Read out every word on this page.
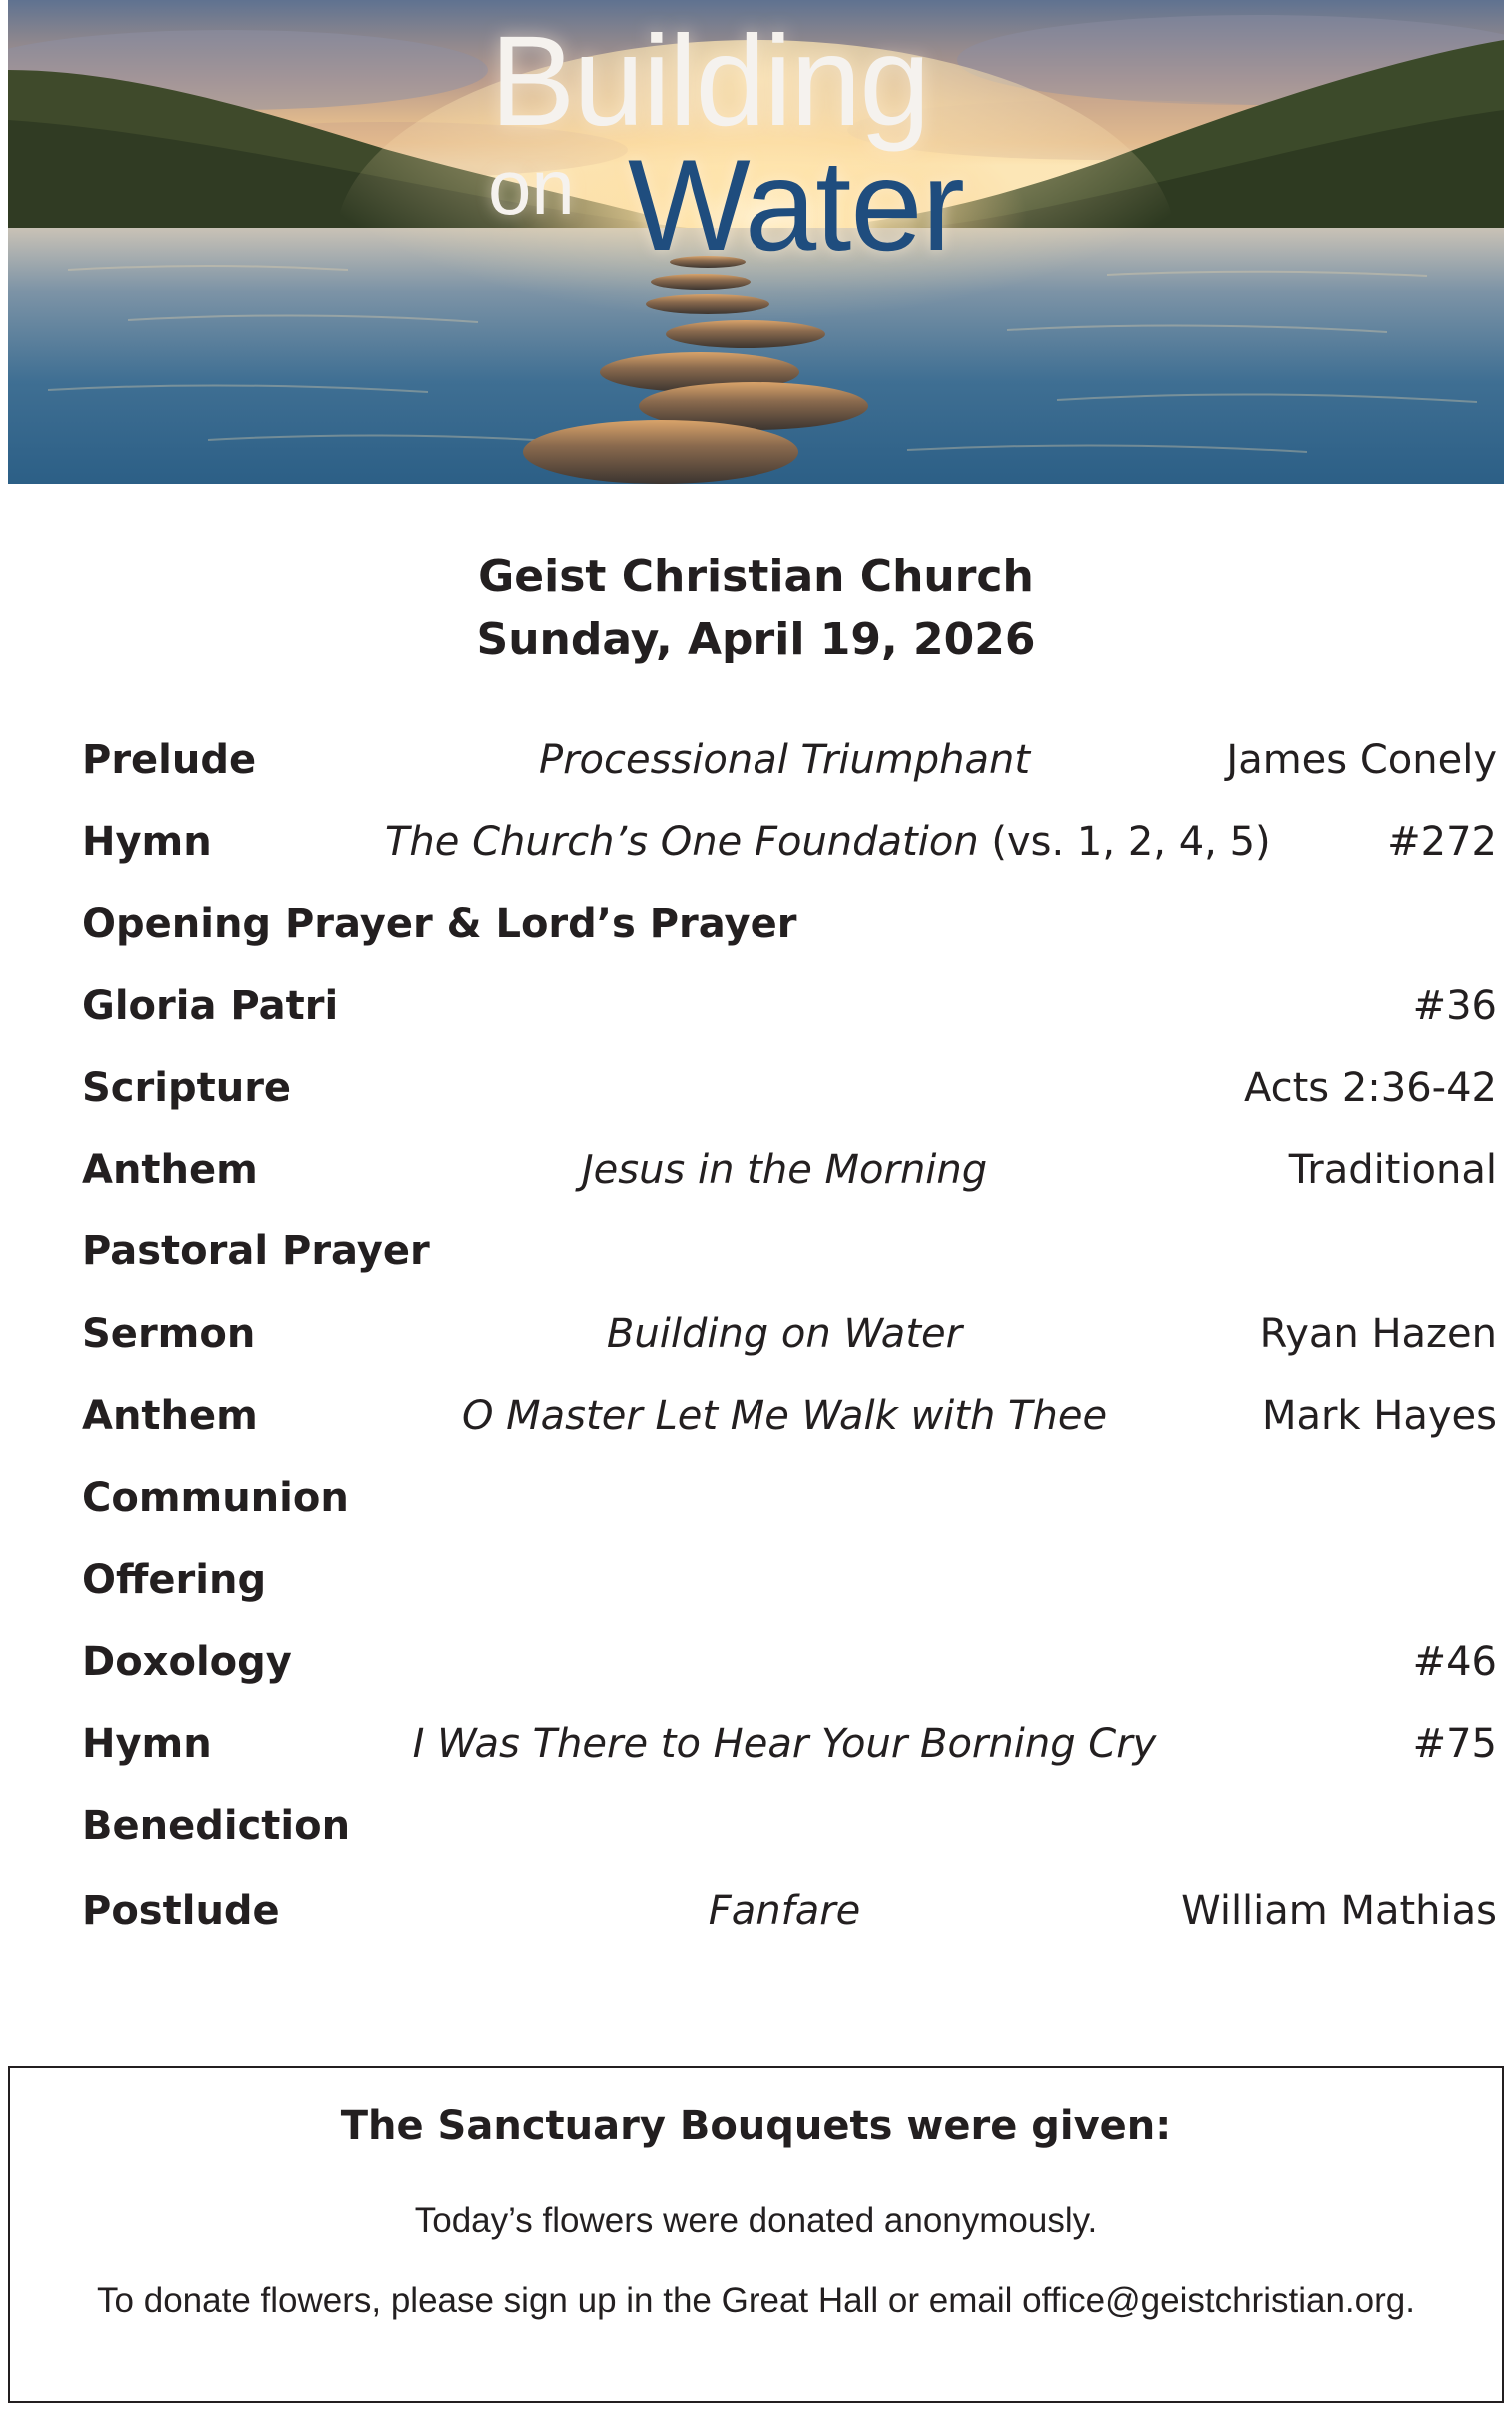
Building
on Water
Geist Christian Church
Sunday, April 19, 2026
Prelude	Processional Triumphant	James Conely
Hymn	The Church’s One Foundation (vs. 1, 2, 4, 5)	#272
Opening Prayer & Lord’s Prayer
Gloria Patri	#36
Scripture	Acts 2:36-42
Anthem	Jesus in the Morning	Traditional
Pastoral Prayer
Sermon	Building on Water	Ryan Hazen
Anthem	O Master Let Me Walk with Thee	Mark Hayes
Communion
Offering
Doxology	#46
Hymn	I Was There to Hear Your Borning Cry	#75
Benediction
Postlude	Fanfare	William Mathias
The Sanctuary Bouquets were given:
Today’s flowers were donated anonymously.
To donate flowers, please sign up in the Great Hall or email office@geistchristian.org.
